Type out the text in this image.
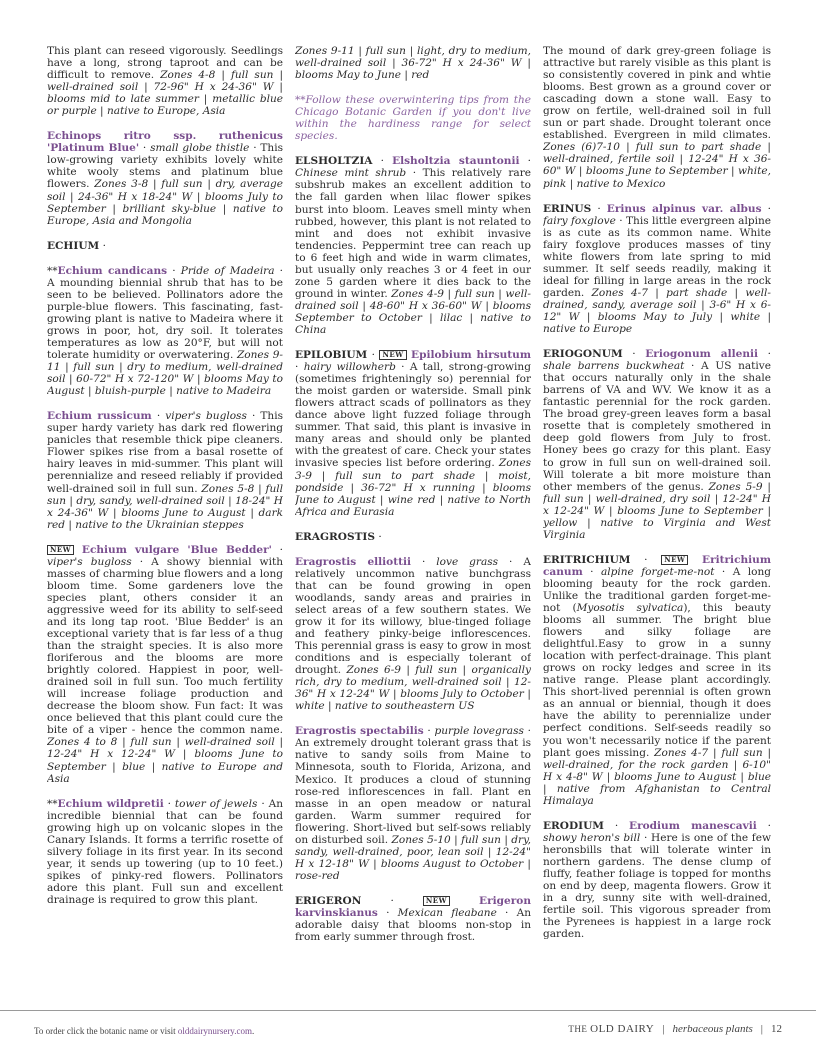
This plant can reseed vigorously. Seedlings have a long, strong taproot and can be difficult to remove. Zones 4-8 | full sun | well-drained soil | 72-96" H x 24-36" W | blooms mid to late summer | metallic blue or purple | native to Europe, Asia

Echinops ritro ssp. ruthenicus 'Platinum Blue' · small globe thistle · This low-growing variety exhibits lovely white white wooly stems and platinum blue flowers. Zones 3-8 | full sun | dry, average soil | 24-36" H x 18-24" W | blooms July to September | brilliant sky-blue | native to Europe, Asia and Mongolia

ECHIUM ·

**Echium candicans · Pride of Madeira · A mounding biennial shrub that has to be seen to be believed. Pollinators adore the purple-blue flowers. This fascinating, fast-growing plant is native to Madeira where it grows in poor, hot, dry soil. It tolerates temperatures as low as 20°F, but will not tolerate humidity or overwatering. Zones 9-11 | full sun | dry to medium, well-drained soil | 60-72" H x 72-120" W | blooms May to August | bluish-purple | native to Madeira

Echium russicum · viper's bugloss · This super hardy variety has dark red flowering panicles that resemble thick pipe cleaners. Flower spikes rise from a basal rosette of hairy leaves in mid-summer. This plant will perennialize and reseed reliably if provided well-drained soil in full sun. Zones 5-8 | full sun | dry, sandy, well-drained soil | 18-24" H x 24-36" W | blooms June to August | dark red | native to the Ukrainian steppes

NEW Echium vulgare 'Blue Bedder' · viper's bugloss · A showy biennial with masses of charming blue flowers and a long bloom time. Some gardeners love the species plant, others consider it an aggressive weed for its ability to self-seed and its long tap root. 'Blue Bedder' is an exceptional variety that is far less of a thug than the straight species. It is also more floriferous and the blooms are more brightly colored. Happiest in poor, well-drained soil in full sun. Too much fertility will increase foliage production and decrease the bloom show. Fun fact: It was once believed that this plant could cure the bite of a viper - hence the common name. Zones 4 to 8 | full sun | well-drained soil | 12-24" H x 12-24" W | blooms June to September | blue | native to Europe and Asia

**Echium wildpretii · tower of jewels · An incredible biennial that can be found growing high up on volcanic slopes in the Canary Islands. It forms a terrific rosette of silvery foliage in its first year. In its second year, it sends up towering (up to 10 feet.) spikes of pinky-red flowers. Pollinators adore this plant. Full sun and excellent drainage is required to grow this plant.

Zones 9-11 | full sun | light, dry to medium, well-drained soil | 36-72" H x 24-36" W | blooms May to June | red

**Follow these overwintering tips from the Chicago Botanic Garden if you don't live within the hardiness range for select species.

ELSHOLTZIA · Elsholtzia stauntonii · Chinese mint shrub · This relatively rare subshrub makes an excellent addition to the fall garden when lilac flower spikes burst into bloom. Leaves smell minty when rubbed, however, this plant is not related to mint and does not exhibit invasive tendencies. Peppermint tree can reach up to 6 feet high and wide in warm climates, but usually only reaches 3 or 4 feet in our zone 5 garden where it dies back to the ground in winter. Zones 4-9 | full sun | well-drained soil | 48-60" H x 36-60" W | blooms September to October | lilac | native to China

EPILOBIUM · NEW Epilobium hirsutum · hairy willowherb · A tall, strong-growing (sometimes frighteningly so) perennial for the moist garden or waterside. Small pink flowers attract scads of pollinators as they dance above light fuzzed foliage through summer. That said, this plant is invasive in many areas and should only be planted with the greatest of care. Check your states invasive species list before ordering. Zones 3-9 | full sun to part shade | moist, pondside | 36-72" H x running | blooms June to August | wine red | native to North Africa and Eurasia

ERAGROSTIS ·

Eragrostis elliottii · love grass · A relatively uncommon native bunchgrass that can be found growing in open woodlands, sandy areas and prairies in select areas of a few southern states. We grow it for its willowy, blue-tinged foliage and feathery pinky-beige inflorescences. This perennial grass is easy to grow in most conditions and is especially tolerant of drought. Zones 6-9 | full sun | organically rich, dry to medium, well-drained soil | 12-36" H x 12-24" W | blooms July to October | white | native to southeastern US

Eragrostis spectabilis · purple lovegrass · An extremely drought tolerant grass that is native to sandy soils from Maine to Minnesota, south to Florida, Arizona, and Mexico. It produces a cloud of stunning rose-red inflorescences in fall. Plant en masse in an open meadow or natural garden. Warm summer required for flowering. Short-lived but self-sows reliably on disturbed soil. Zones 5-10 | full sun | dry, sandy, well-drained, poor, lean soil | 12-24" H x 12-18" W | blooms August to October | rose-red

ERIGERON · NEW	Erigeron karvinskianus · Mexican fleabane · An adorable daisy that blooms non-stop in from early summer through frost.

The mound of dark grey-green foliage is attractive but rarely visible as this plant is so consistently covered in pink and whtie blooms. Best grown as a ground cover or cascading down a stone wall. Easy to grow on fertile, well-drained soil in full sun or part shade. Drought tolerant once established. Evergreen in mild climates. Zones (6)7-10 | full sun to part shade | well-drained, fertile soil | 12-24" H x 36-60" W | blooms June to September | white, pink | native to Mexico

ERINUS · Erinus alpinus var. albus · fairy foxglove · This little evergreen alpine is as cute as its common name. White fairy foxglove produces masses of tiny white flowers from late spring to mid summer. It self seeds readily, making it ideal for filling in large areas in the rock garden. Zones 4-7 | part shade | well-drained, sandy, average soil | 3-6" H x 6-12" W | blooms May to July | white | native to Europe

ERIOGONUM · Eriogonum allenii · shale barrens buckwheat · A US native that occurs naturally only in the shale barrens of VA and WV. We know it as a fantastic perennial for the rock garden. The broad grey-green leaves form a basal rosette that is completely smothered in deep gold flowers from July to frost. Honey bees go crazy for this plant. Easy to grow in full sun on well-drained soil. Will tolerate a bit more moisture than other members of the genus. Zones 5-9 | full sun | well-drained, dry soil | 12-24" H x 12-24" W | blooms June to September | yellow | native to Virginia and West Virginia

ERITRICHIUM · NEW Eritrichium canum · alpine forget-me-not · A long blooming beauty for the rock garden. Unlike the traditional garden forget-me-not (Myosotis sylvatica), this beauty blooms all summer. The bright blue flowers and silky foliage are delightful.Easy to grow in a sunny location with perfect-drainage. This plant grows on rocky ledges and scree in its native range. Please plant accordingly. This short-lived perennial is often grown as an annual or biennial, though it does have the ability to perennialize under perfect conditions. Self-seeds readily so you won't necessarily notice if the parent plant goes missing. Zones 4-7 | full sun | well-drained, for the rock garden | 6-10" H x 4-8" W | blooms June to August | blue | native from Afghanistan to Central Himalaya

ERODIUM · Erodium manescavii · showy heron's bill · Here is one of the few heronsbills that will tolerate winter in northern gardens. The dense clump of fluffy, feather foliage is topped for months on end by deep, magenta flowers. Grow it in a dry, sunny site with well-drained, fertile soil. This vigorous spreader from the Pyrenees is happiest in a large rock garden.

To order click the botanic name or visit olddairynursery.com.	THE OLD DAIRY | herbaceous plants | 12
